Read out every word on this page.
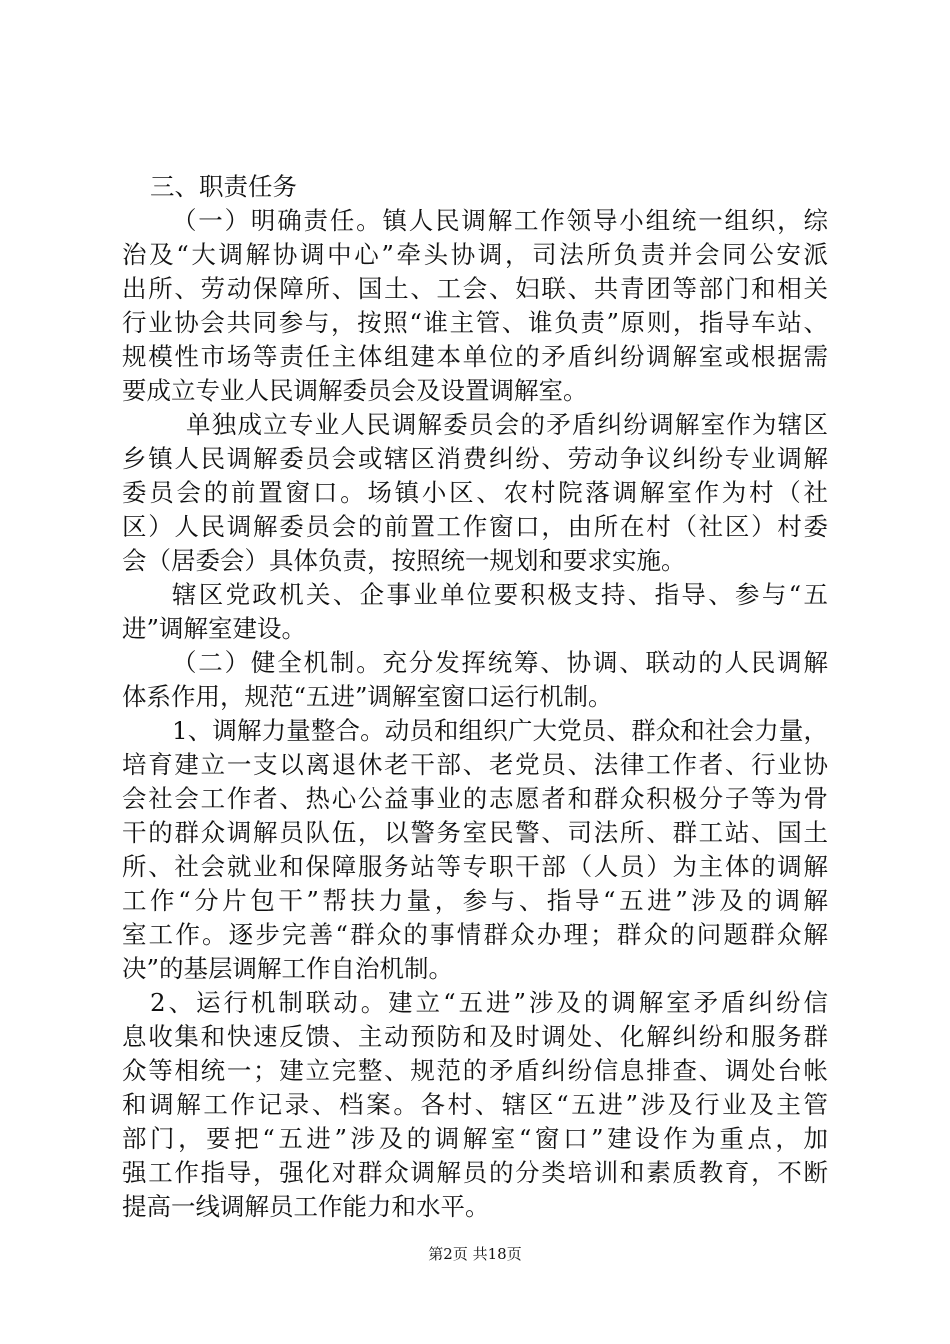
三、职责任务
（一）明确责任。镇人民调解工作领导小组统一组织，综
治及“大调解协调中心”牵头协调，司法所负责并会同公安派
出所、劳动保障所、国土、工会、妇联、共青团等部门和相关
行业协会共同参与，按照“谁主管、谁负责”原则，指导车站、
规模性市场等责任主体组建本单位的矛盾纠纷调解室或根据需
要成立专业人民调解委员会及设置调解室。
单独成立专业人民调解委员会的矛盾纠纷调解室作为辖区
乡镇人民调解委员会或辖区消费纠纷、劳动争议纠纷专业调解
委员会的前置窗口。场镇小区、农村院落调解室作为村（社
区）人民调解委员会的前置工作窗口，由所在村（社区）村委
会（居委会）具体负责，按照统一规划和要求实施。
辖区党政机关、企事业单位要积极支持、指导、参与“五
进”调解室建设。
（二）健全机制。充分发挥统筹、协调、联动的人民调解
体系作用，规范“五进”调解室窗口运行机制。
1、调解力量整合。动员和组织广大党员、群众和社会力量，
培育建立一支以离退休老干部、老党员、法律工作者、行业协
会社会工作者、热心公益事业的志愿者和群众积极分子等为骨
干的群众调解员队伍，以警务室民警、司法所、群工站、国土
所、社会就业和保障服务站等专职干部（人员）为主体的调解
工作“分片包干”帮扶力量，参与、指导“五进”涉及的调解
室工作。逐步完善“群众的事情群众办理；群众的问题群众解
决”的基层调解工作自治机制。
2、运行机制联动。建立“五进”涉及的调解室矛盾纠纷信
息收集和快速反馈、主动预防和及时调处、化解纠纷和服务群
众等相统一；建立完整、规范的矛盾纠纷信息排查、调处台帐
和调解工作记录、档案。各村、辖区“五进”涉及行业及主管
部门，要把“五进”涉及的调解室“窗口”建设作为重点，加
强工作指导，强化对群众调解员的分类培训和素质教育，不断
提高一线调解员工作能力和水平。
第2页 共18页
